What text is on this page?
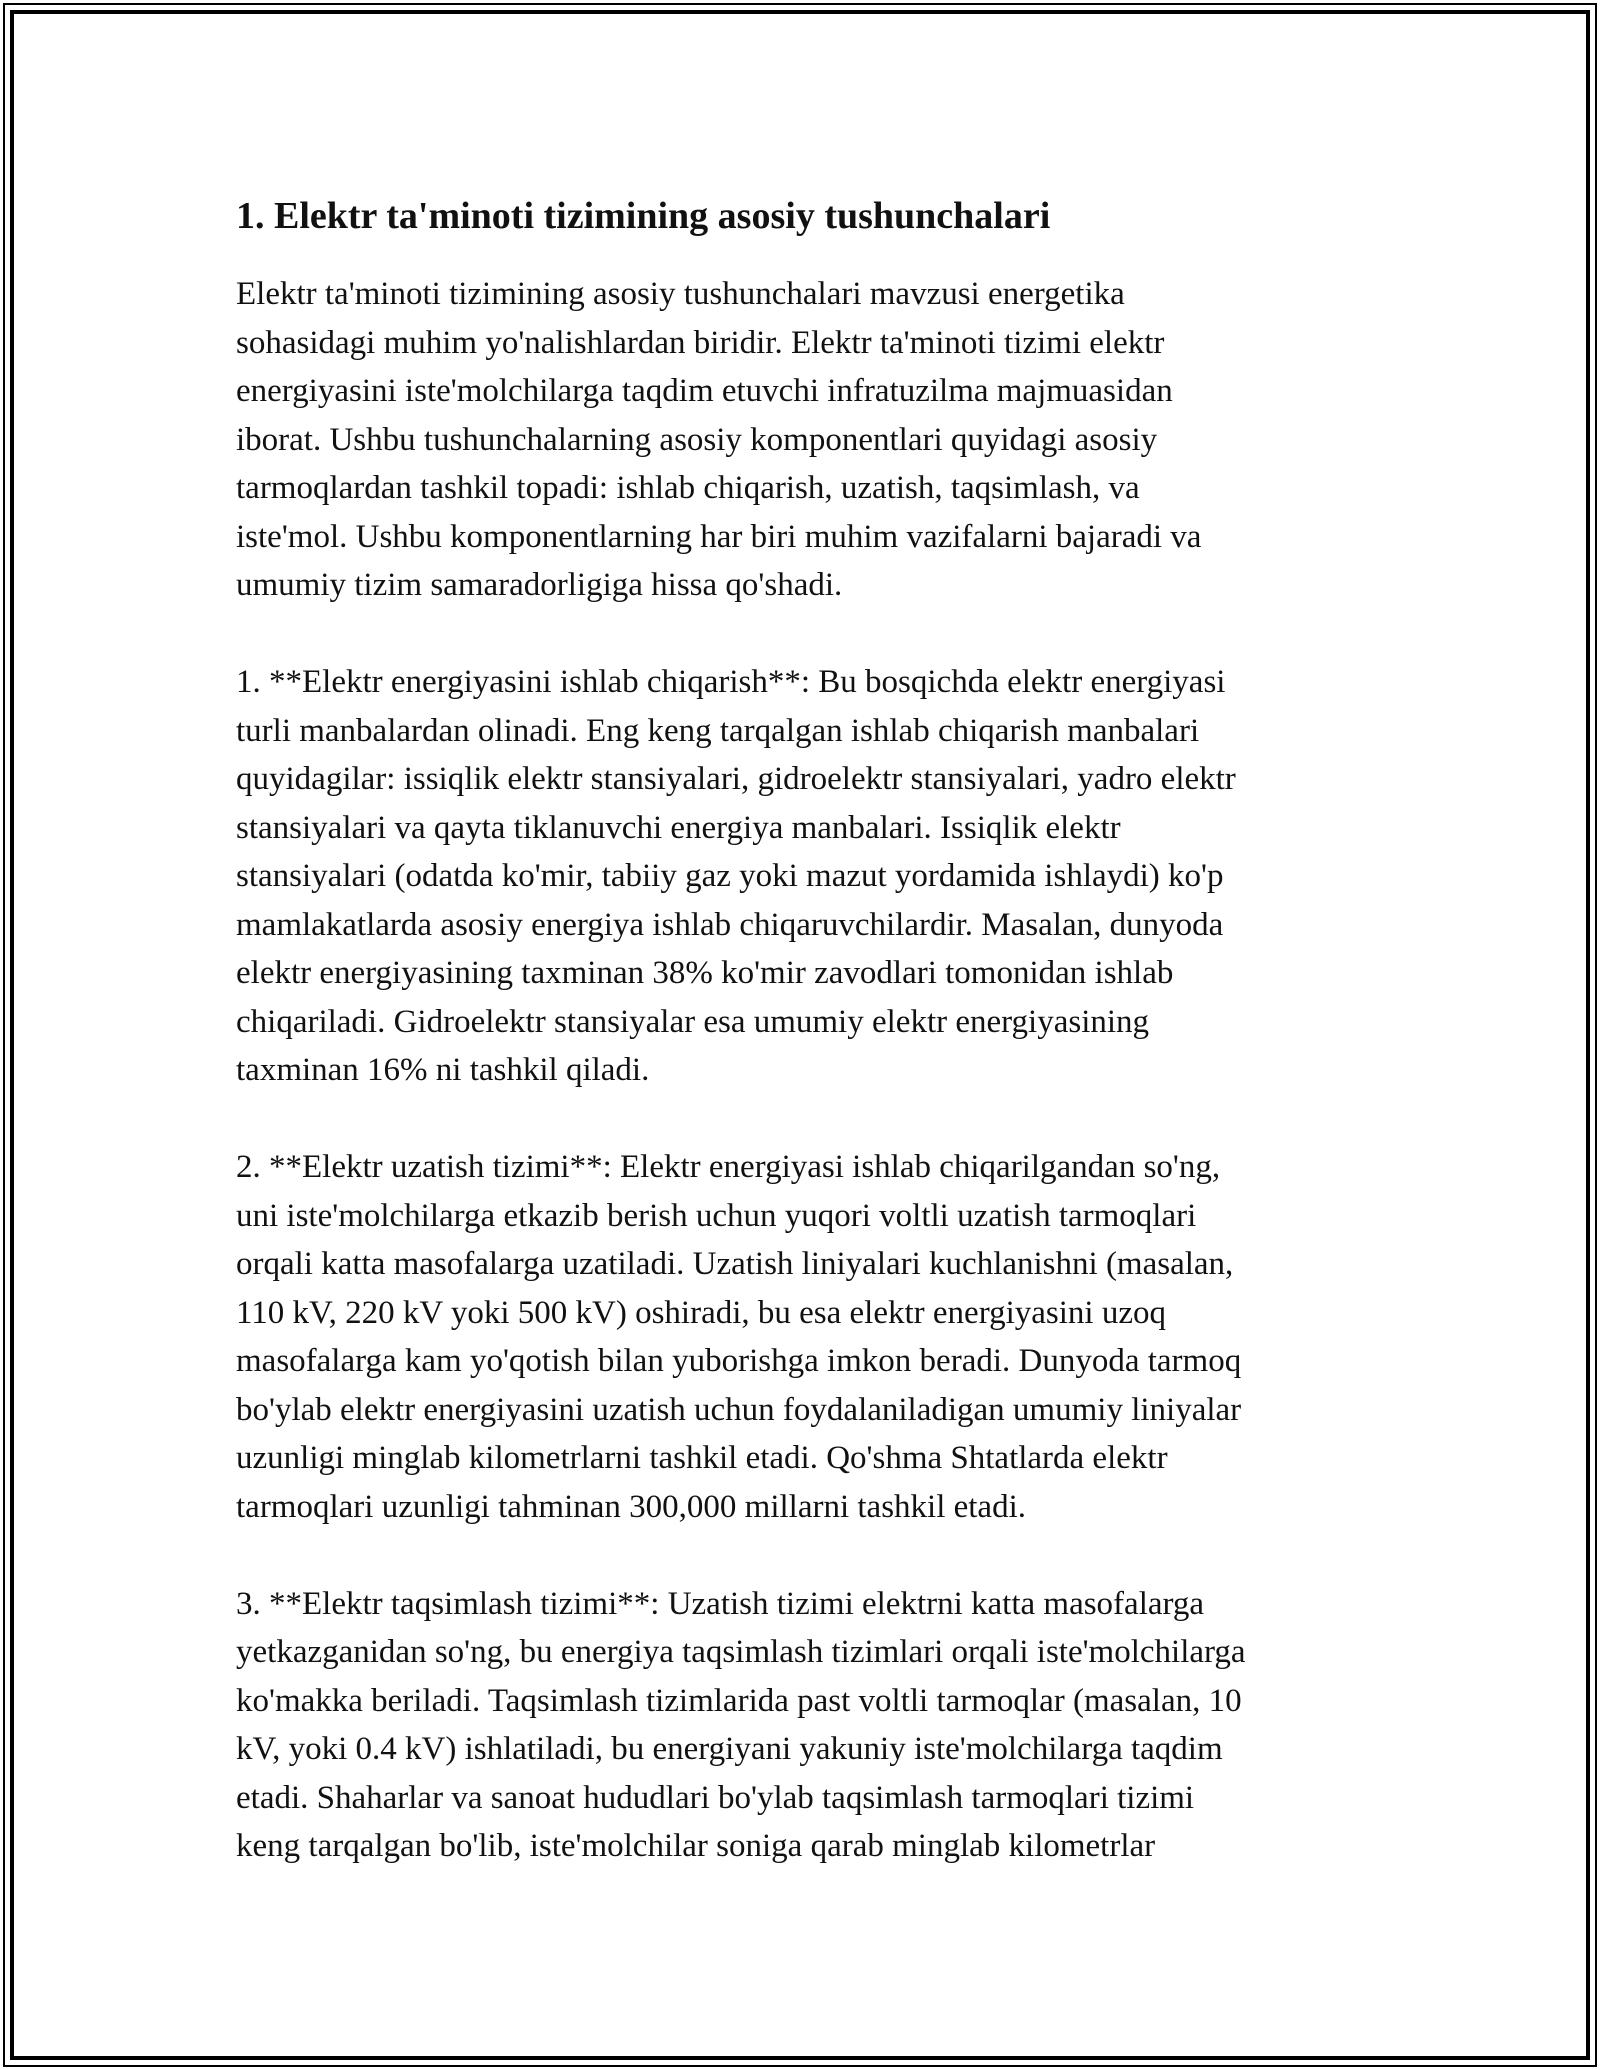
1. Elektr ta'minoti tizimining asosiy tushunchalari

Elektr ta'minoti tizimining asosiy tushunchalari mavzusi energetika
sohasidagi muhim yo'nalishlardan biridir. Elektr ta'minoti tizimi elektr
energiyasini iste'molchilarga taqdim etuvchi infratuzilma majmuasidan
iborat. Ushbu tushunchalarning asosiy komponentlari quyidagi asosiy
tarmoqlardan tashkil topadi: ishlab chiqarish, uzatish, taqsimlash, va
iste'mol. Ushbu komponentlarning har biri muhim vazifalarni bajaradi va
umumiy tizim samaradorligiga hissa qo'shadi.

1. **Elektr energiyasini ishlab chiqarish**: Bu bosqichda elektr energiyasi
turli manbalardan olinadi. Eng keng tarqalgan ishlab chiqarish manbalari
quyidagilar: issiqlik elektr stansiyalari, gidroelektr stansiyalari, yadro elektr
stansiyalari va qayta tiklanuvchi energiya manbalari. Issiqlik elektr
stansiyalari (odatda ko'mir, tabiiy gaz yoki mazut yordamida ishlaydi) ko'p
mamlakatlarda asosiy energiya ishlab chiqaruvchilardir. Masalan, dunyoda
elektr energiyasining taxminan 38% ko'mir zavodlari tomonidan ishlab
chiqariladi. Gidroelektr stansiyalar esa umumiy elektr energiyasining
taxminan 16% ni tashkil qiladi.

2. **Elektr uzatish tizimi**: Elektr energiyasi ishlab chiqarilgandan so'ng,
uni iste'molchilarga etkazib berish uchun yuqori voltli uzatish tarmoqlari
orqali katta masofalarga uzatiladi. Uzatish liniyalari kuchlanishni (masalan,
110 kV, 220 kV yoki 500 kV) oshiradi, bu esa elektr energiyasini uzoq
masofalarga kam yo'qotish bilan yuborishga imkon beradi. Dunyoda tarmoq
bo'ylab elektr energiyasini uzatish uchun foydalaniladigan umumiy liniyalar
uzunligi minglab kilometrlarni tashkil etadi. Qo'shma Shtatlarda elektr
tarmoqlari uzunligi tahminan 300,000 millarni tashkil etadi.

3. **Elektr taqsimlash tizimi**: Uzatish tizimi elektrni katta masofalarga
yetkazganidan so'ng, bu energiya taqsimlash tizimlari orqali iste'molchilarga
ko'makka beriladi. Taqsimlash tizimlarida past voltli tarmoqlar (masalan, 10
kV, yoki 0.4 kV) ishlatiladi, bu energiyani yakuniy iste'molchilarga taqdim
etadi. Shaharlar va sanoat hududlari bo'ylab taqsimlash tarmoqlari tizimi
keng tarqalgan bo'lib, iste'molchilar soniga qarab minglab kilometrlar
